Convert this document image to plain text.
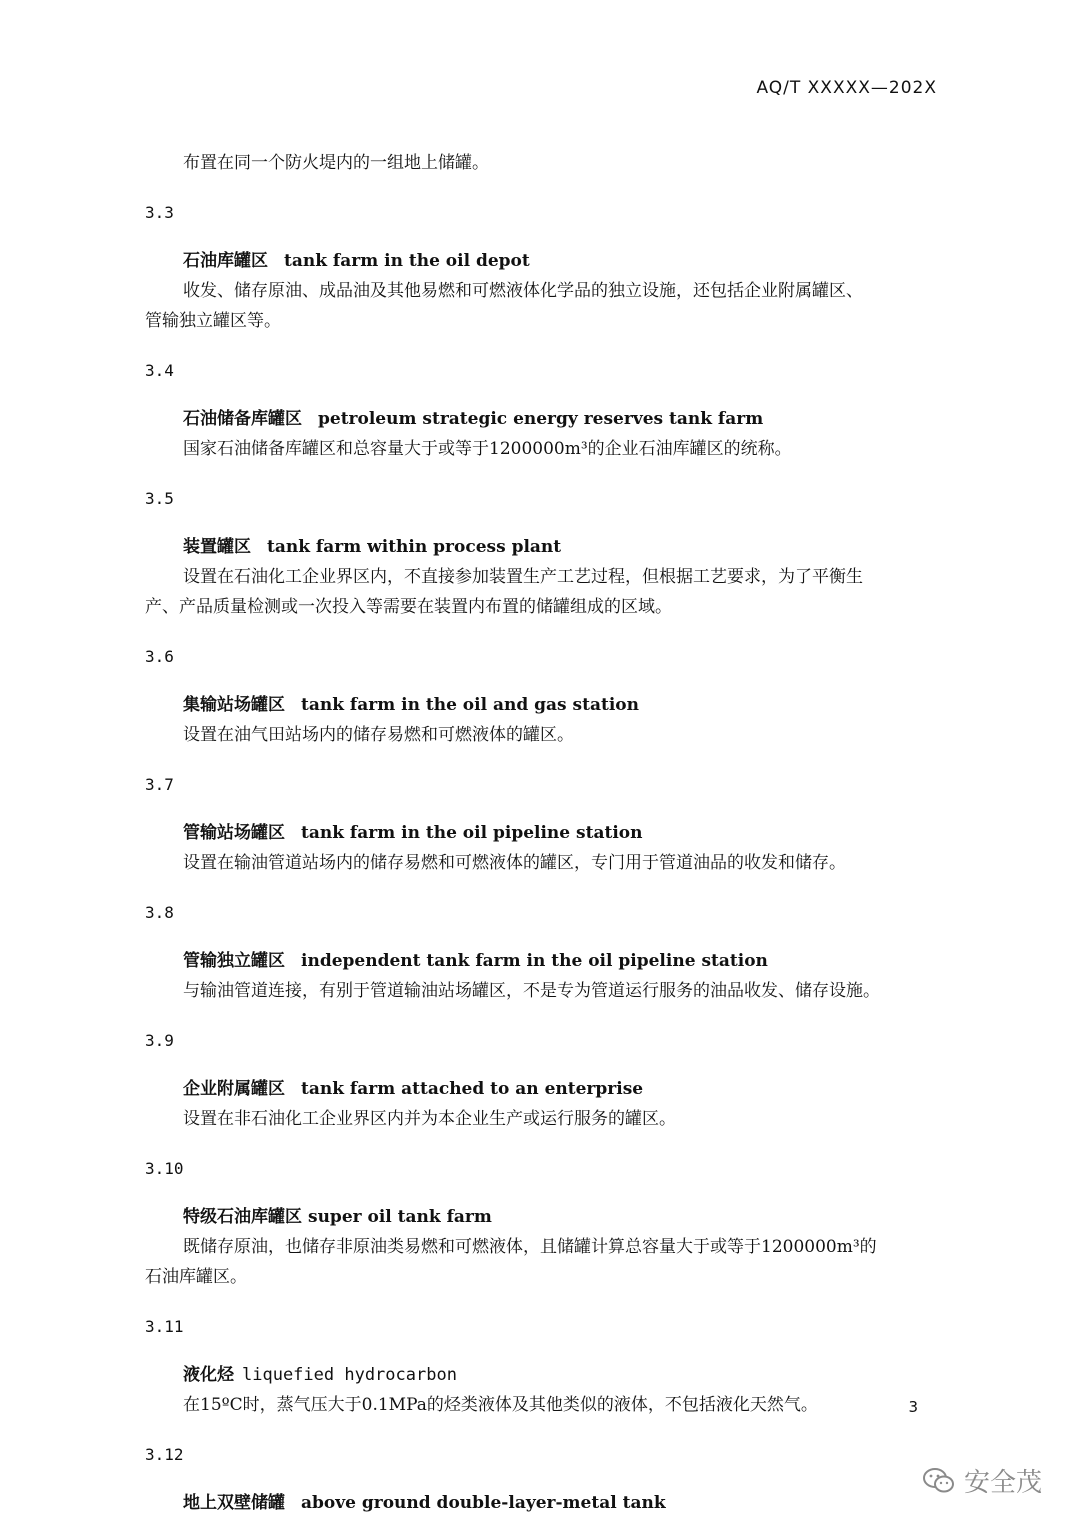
AQ/T XXXXX—202X
布置在同一个防火堤内的一组地上储罐。
3.3
石油库罐区 tank farm in the oil depot
收发、储存原油、成品油及其他易燃和可燃液体化学品的独立设施，还包括企业附属罐区、
管输独立罐区等。
3.4
石油储备库罐区 petroleum strategic energy reserves tank farm
国家石油储备库罐区和总容量大于或等于1200000m³的企业石油库罐区的统称。
3.5
装置罐区 tank farm within process plant
设置在石油化工企业界区内，不直接参加装置生产工艺过程，但根据工艺要求，为了平衡生
产、产品质量检测或一次投入等需要在装置内布置的储罐组成的区域。
3.6
集输站场罐区 tank farm in the oil and gas station
设置在油气田站场内的储存易燃和可燃液体的罐区。
3.7
管输站场罐区 tank farm in the oil pipeline station
设置在输油管道站场内的储存易燃和可燃液体的罐区，专门用于管道油品的收发和储存。
3.8
管输独立罐区 independent tank farm in the oil pipeline station
与输油管道连接，有别于管道输油站场罐区，不是专为管道运行服务的油品收发、储存设施。
3.9
企业附属罐区 tank farm attached to an enterprise
设置在非石油化工企业界区内并为本企业生产或运行服务的罐区。
3.10
特级石油库罐区 super oil tank farm
既储存原油，也储存非原油类易燃和可燃液体，且储罐计算总容量大于或等于1200000m³的
石油库罐区。
3.11
液化烃 liquefied hydrocarbon
在15ºC时，蒸气压大于0.1MPa的烃类液体及其他类似的液体，不包括液化天然气。
3.12
地上双壁储罐 above ground double-layer-metal tank
3
安全茂
